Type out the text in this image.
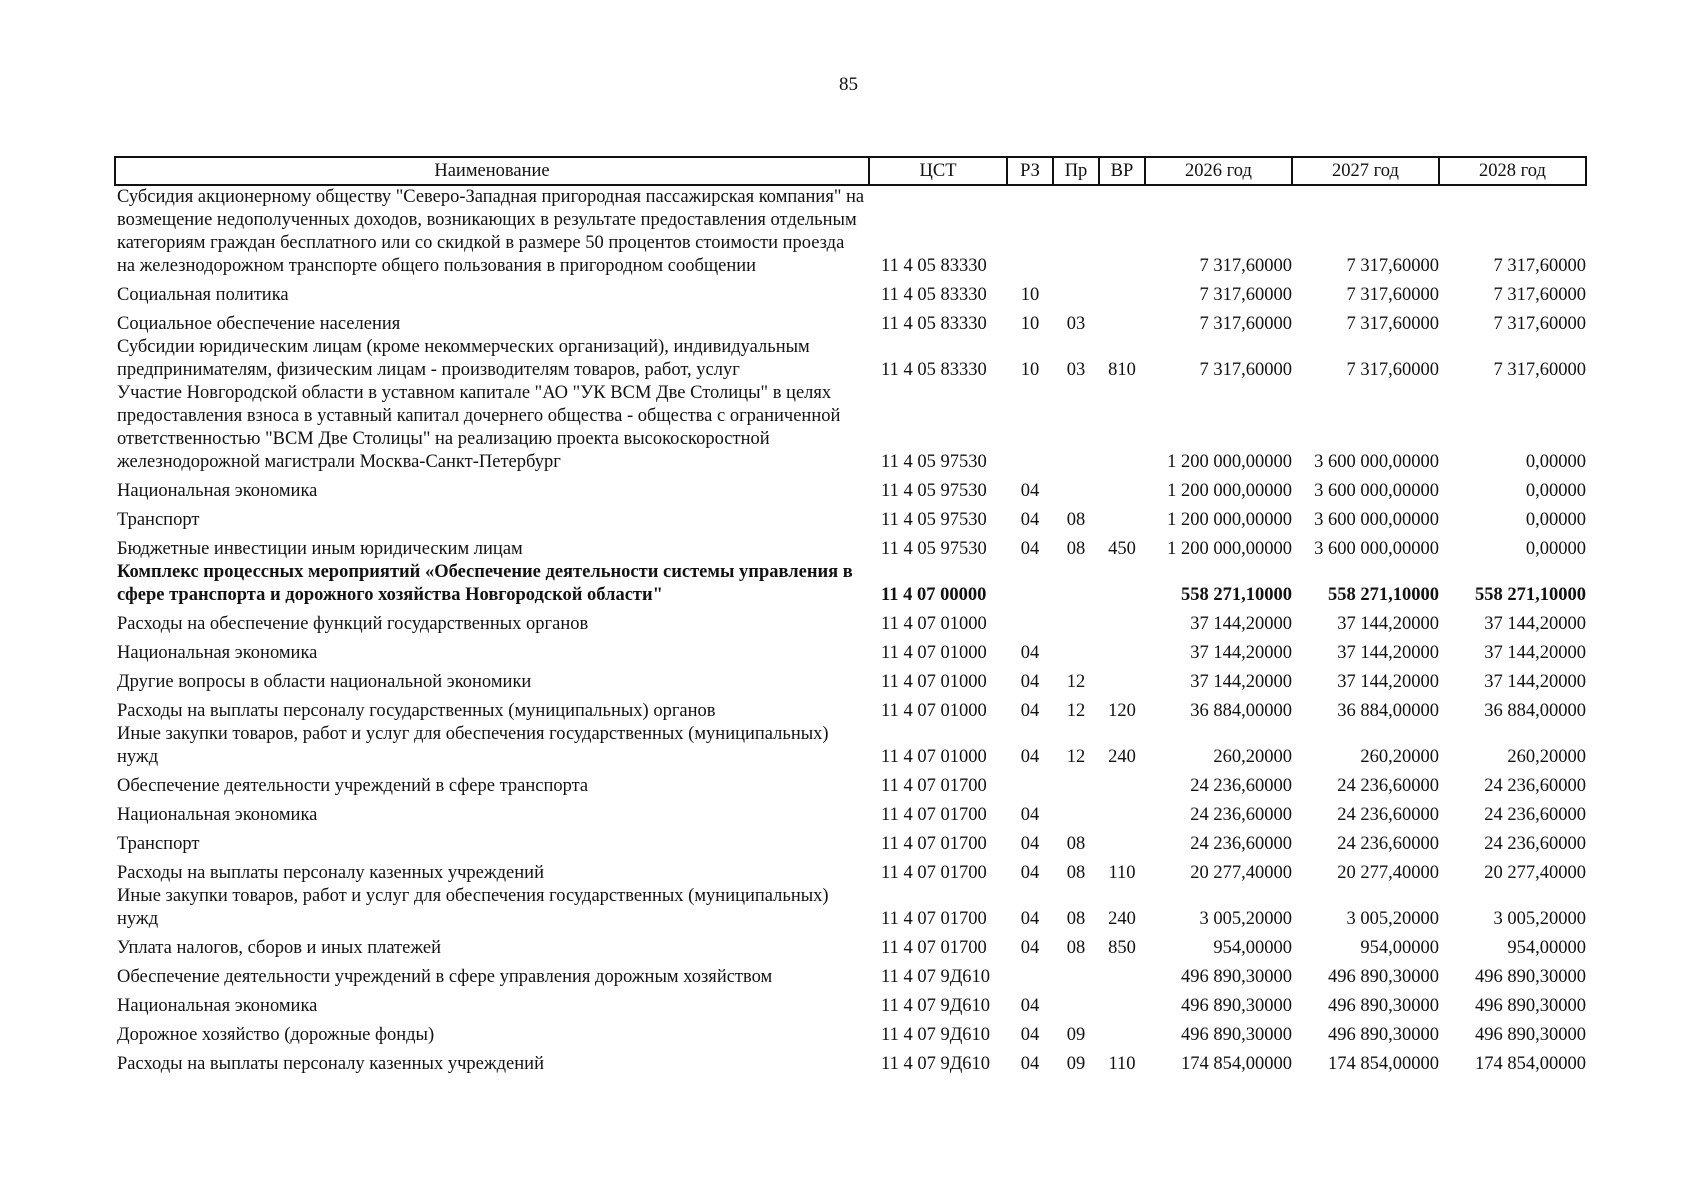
85
Наименование	ЦСТ	РЗ	Пр	ВР	2026 год	2027 год	2028 год
Субсидия акционерному обществу "Северо-Западная пригородная пассажирская компания" на возмещение недополученных доходов, возникающих в результате предоставления отдельным категориям граждан бесплатного или со скидкой в размере 50 процентов стоимости проезда на железнодорожном транспорте общего пользования в пригородном сообщении	11 4 05 83330				7 317,60000	7 317,60000	7 317,60000
Социальная политика	11 4 05 83330	10			7 317,60000	7 317,60000	7 317,60000
Социальное обеспечение населения	11 4 05 83330	10	03		7 317,60000	7 317,60000	7 317,60000
Субсидии юридическим лицам (кроме некоммерческих организаций), индивидуальным предпринимателям, физическим лицам - производителям товаров, работ, услуг	11 4 05 83330	10	03	810	7 317,60000	7 317,60000	7 317,60000
Участие Новгородской области в уставном капитале "АО "УК ВСМ Две Столицы" в целях предоставления взноса в уставный капитал дочернего общества - общества с ограниченной ответственностью "ВСМ Две Столицы" на реализацию проекта высокоскоростной железнодорожной магистрали Москва-Санкт-Петербург	11 4 05 97530				1 200 000,00000	3 600 000,00000	0,00000
Национальная экономика	11 4 05 97530	04			1 200 000,00000	3 600 000,00000	0,00000
Транспорт	11 4 05 97530	04	08		1 200 000,00000	3 600 000,00000	0,00000
Бюджетные инвестиции иным юридическим лицам	11 4 05 97530	04	08	450	1 200 000,00000	3 600 000,00000	0,00000
Комплекс процессных мероприятий «Обеспечение деятельности системы управления в сфере транспорта и дорожного хозяйства Новгородской области"	11 4 07 00000				558 271,10000	558 271,10000	558 271,10000
Расходы на обеспечение функций государственных органов	11 4 07 01000				37 144,20000	37 144,20000	37 144,20000
Национальная экономика	11 4 07 01000	04			37 144,20000	37 144,20000	37 144,20000
Другие вопросы в области национальной экономики	11 4 07 01000	04	12		37 144,20000	37 144,20000	37 144,20000
Расходы на выплаты персоналу государственных (муниципальных) органов	11 4 07 01000	04	12	120	36 884,00000	36 884,00000	36 884,00000
Иные закупки товаров, работ и услуг для обеспечения государственных (муниципальных) нужд	11 4 07 01000	04	12	240	260,20000	260,20000	260,20000
Обеспечение деятельности учреждений в сфере транспорта	11 4 07 01700				24 236,60000	24 236,60000	24 236,60000
Национальная экономика	11 4 07 01700	04			24 236,60000	24 236,60000	24 236,60000
Транспорт	11 4 07 01700	04	08		24 236,60000	24 236,60000	24 236,60000
Расходы на выплаты персоналу казенных учреждений	11 4 07 01700	04	08	110	20 277,40000	20 277,40000	20 277,40000
Иные закупки товаров, работ и услуг для обеспечения государственных (муниципальных) нужд	11 4 07 01700	04	08	240	3 005,20000	3 005,20000	3 005,20000
Уплата налогов, сборов и иных платежей	11 4 07 01700	04	08	850	954,00000	954,00000	954,00000
Обеспечение деятельности учреждений в сфере управления дорожным хозяйством	11 4 07 9Д610				496 890,30000	496 890,30000	496 890,30000
Национальная экономика	11 4 07 9Д610	04			496 890,30000	496 890,30000	496 890,30000
Дорожное хозяйство (дорожные фонды)	11 4 07 9Д610	04	09		496 890,30000	496 890,30000	496 890,30000
Расходы на выплаты персоналу казенных учреждений	11 4 07 9Д610	04	09	110	174 854,00000	174 854,00000	174 854,00000
